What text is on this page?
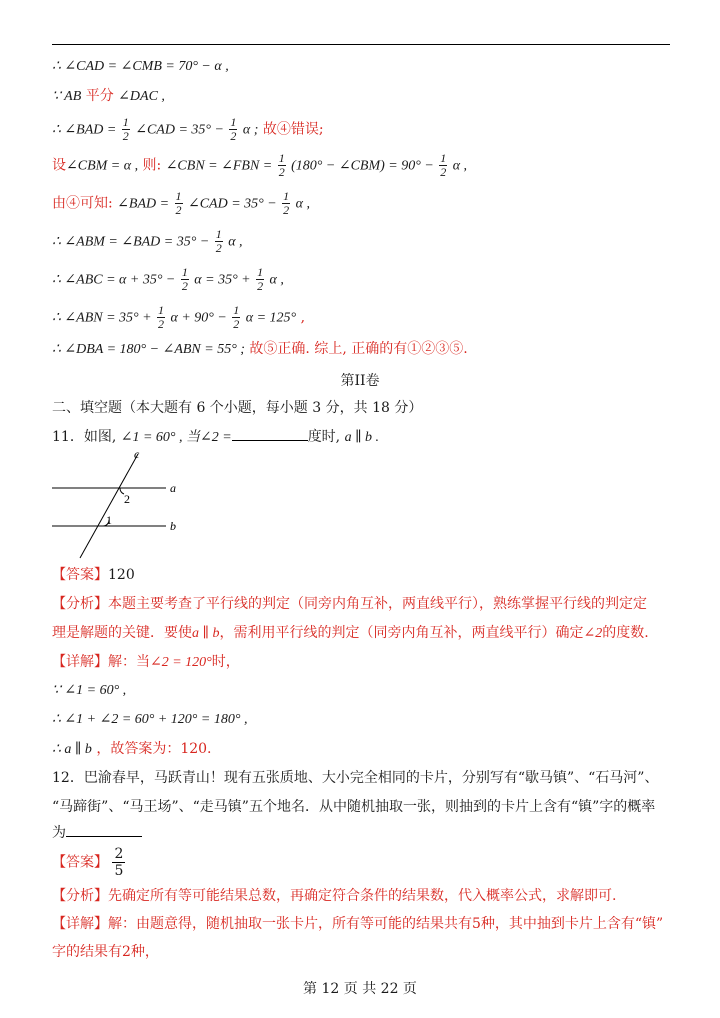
∴ ∠CAD = ∠CMB = 70° − α ,
∵ AB 平分 ∠DAC ,
∴ ∠BAD = $\frac{1}{2}$ ∠CAD = $35^\circ - \frac{1}{2}$ α ; 故④错误;
设∠CBM = α , 则: ∠CBN = ∠FBN = $\frac{1}{2} (180^\circ$ − ∠CBM) = $90^\circ - \frac{1}{2}$ α ,
由④可知: ∠BAD = $\frac{1}{2}$ ∠CAD = $35^\circ - \frac{1}{2}$ α ,
∴ ∠ABM = ∠BAD = $35^\circ - \frac{1}{2}$ α ,
∴ ∠ABC = $\alpha + 35^\circ - \frac{1}{2}$ $\alpha = 35^\circ + \frac{1}{2}$ α ,
∴ ∠ABN = $35^\circ + \frac{1}{2}$ $\alpha + 90^\circ - \frac{1}{2}$ α = 125° ,
∴ ∠DBA = 180° − ∠ABN = 55° ; 故⑤正确. 综上, 正确的有①②③⑤.
第II卷
二、填空题（本大题有 6 个小题，每小题 3 分，共 18 分）
11．如图, ∠1 = 60° , 当∠2 =	度时, a ∥ b .
c
a
b
2
1
【答案】120
【分析】本题主要考查了平行线的判定（同旁内角互补，两直线平行），熟练掌握平行线的判定定
理是解题的关键．要使a ∥ b，需利用平行线的判定（同旁内角互补，两直线平行）确定∠2的度数.
【详解】解：当∠2 = 120°时，
∵ ∠1 = 60° ,
∴ ∠1 + ∠2 = 60° + 120° = 180° ,
∴ a ∥ b ，故答案为：120.
12．巴渝春早，马跃青山！现有五张质地、大小完全相同的卡片，分别写有“歇马镇”、“石马河”、
“马蹄街”、“马王场”、“走马镇”五个地名．从中随机抽取一张，则抽到的卡片上含有“镇”字的概率
为
【答案】 $\frac{2}{5}$
【分析】先确定所有等可能结果总数，再确定符合条件的结果数，代入概率公式，求解即可.
【详解】解：由题意得，随机抽取一张卡片，所有等可能的结果共有5种，其中抽到卡片上含有“镇”
字的结果有2种，
第 12 页 共 22 页
